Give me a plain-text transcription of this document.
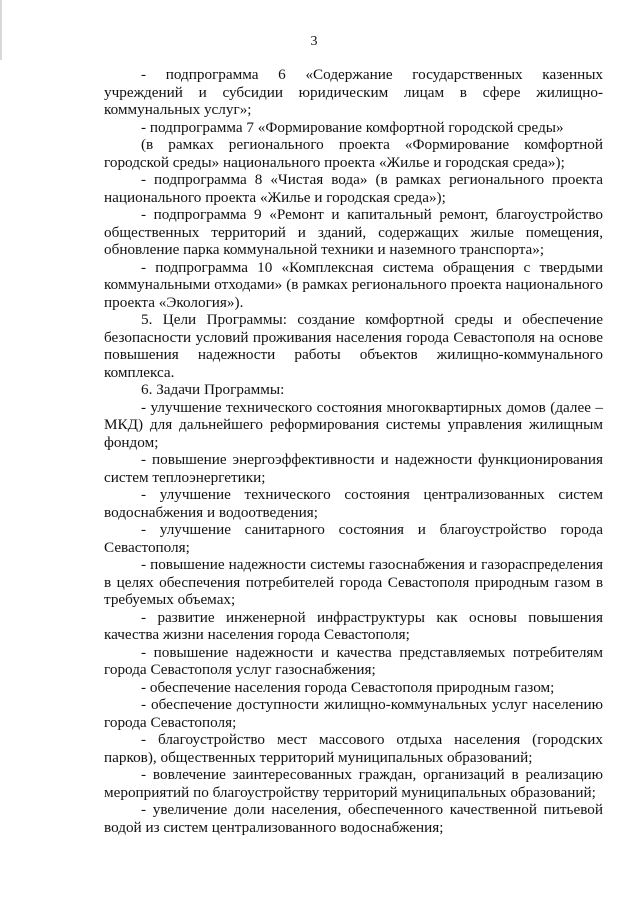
3

- подпрограмма 6 «Содержание государственных казенных учреждений и субсидии юридическим лицам в сфере жилищно-коммунальных услуг»;

- подпрограмма 7 «Формирование комфортной городской среды»

(в рамках регионального проекта «Формирование комфортной городской среды» национального проекта «Жилье и городская среда»);

- подпрограмма 8 «Чистая вода» (в рамках регионального проекта национального проекта «Жилье и городская среда»);

- подпрограмма 9 «Ремонт и капитальный ремонт, благоустройство общественных территорий и зданий, содержащих жилые помещения, обновление парка коммунальной техники и наземного транспорта»;

- подпрограмма 10 «Комплексная система обращения с твердыми коммунальными отходами» (в рамках регионального проекта национального проекта «Экология»).

5. Цели Программы: создание комфортной среды и обеспечение безопасности условий проживания населения города Севастополя на основе повышения надежности работы объектов жилищно-коммунального комплекса.

6. Задачи Программы:

- улучшение технического состояния многоквартирных домов (далее – МКД) для дальнейшего реформирования системы управления жилищным фондом;

- повышение энергоэффективности и надежности функционирования систем теплоэнергетики;

- улучшение технического состояния централизованных систем водоснабжения и водоотведения;

- улучшение санитарного состояния и благоустройство города Севастополя;

- повышение надежности системы газоснабжения и газораспределения в целях обеспечения потребителей города Севастополя природным газом в требуемых объемах;

- развитие инженерной инфраструктуры как основы повышения качества жизни населения города Севастополя;

- повышение надежности и качества представляемых потребителям города Севастополя услуг газоснабжения;

- обеспечение населения города Севастополя природным газом;

- обеспечение доступности жилищно-коммунальных услуг населению города Севастополя;

- благоустройство мест массового отдыха населения (городских парков), общественных территорий муниципальных образований;

- вовлечение заинтересованных граждан, организаций в реализацию мероприятий по благоустройству территорий муниципальных образований;

- увеличение доли населения, обеспеченного качественной питьевой водой из систем централизованного водоснабжения;
